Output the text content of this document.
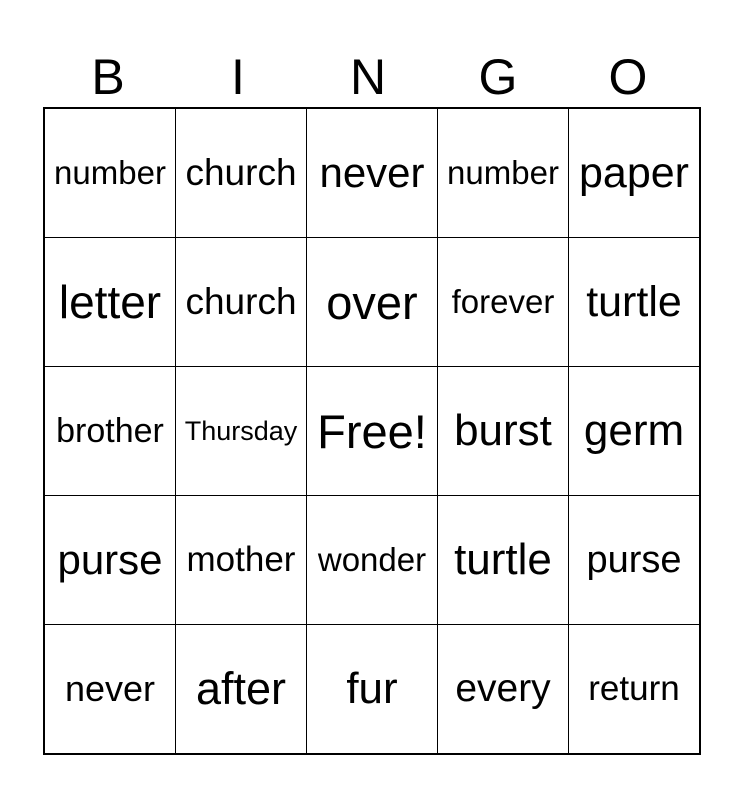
B	I	N	G	O
number	church	never	number	paper
letter	church	over	forever	turtle
brother	Thursday	Free!	burst	germ
purse	mother	wonder	turtle	purse
never	after	fur	every	return
